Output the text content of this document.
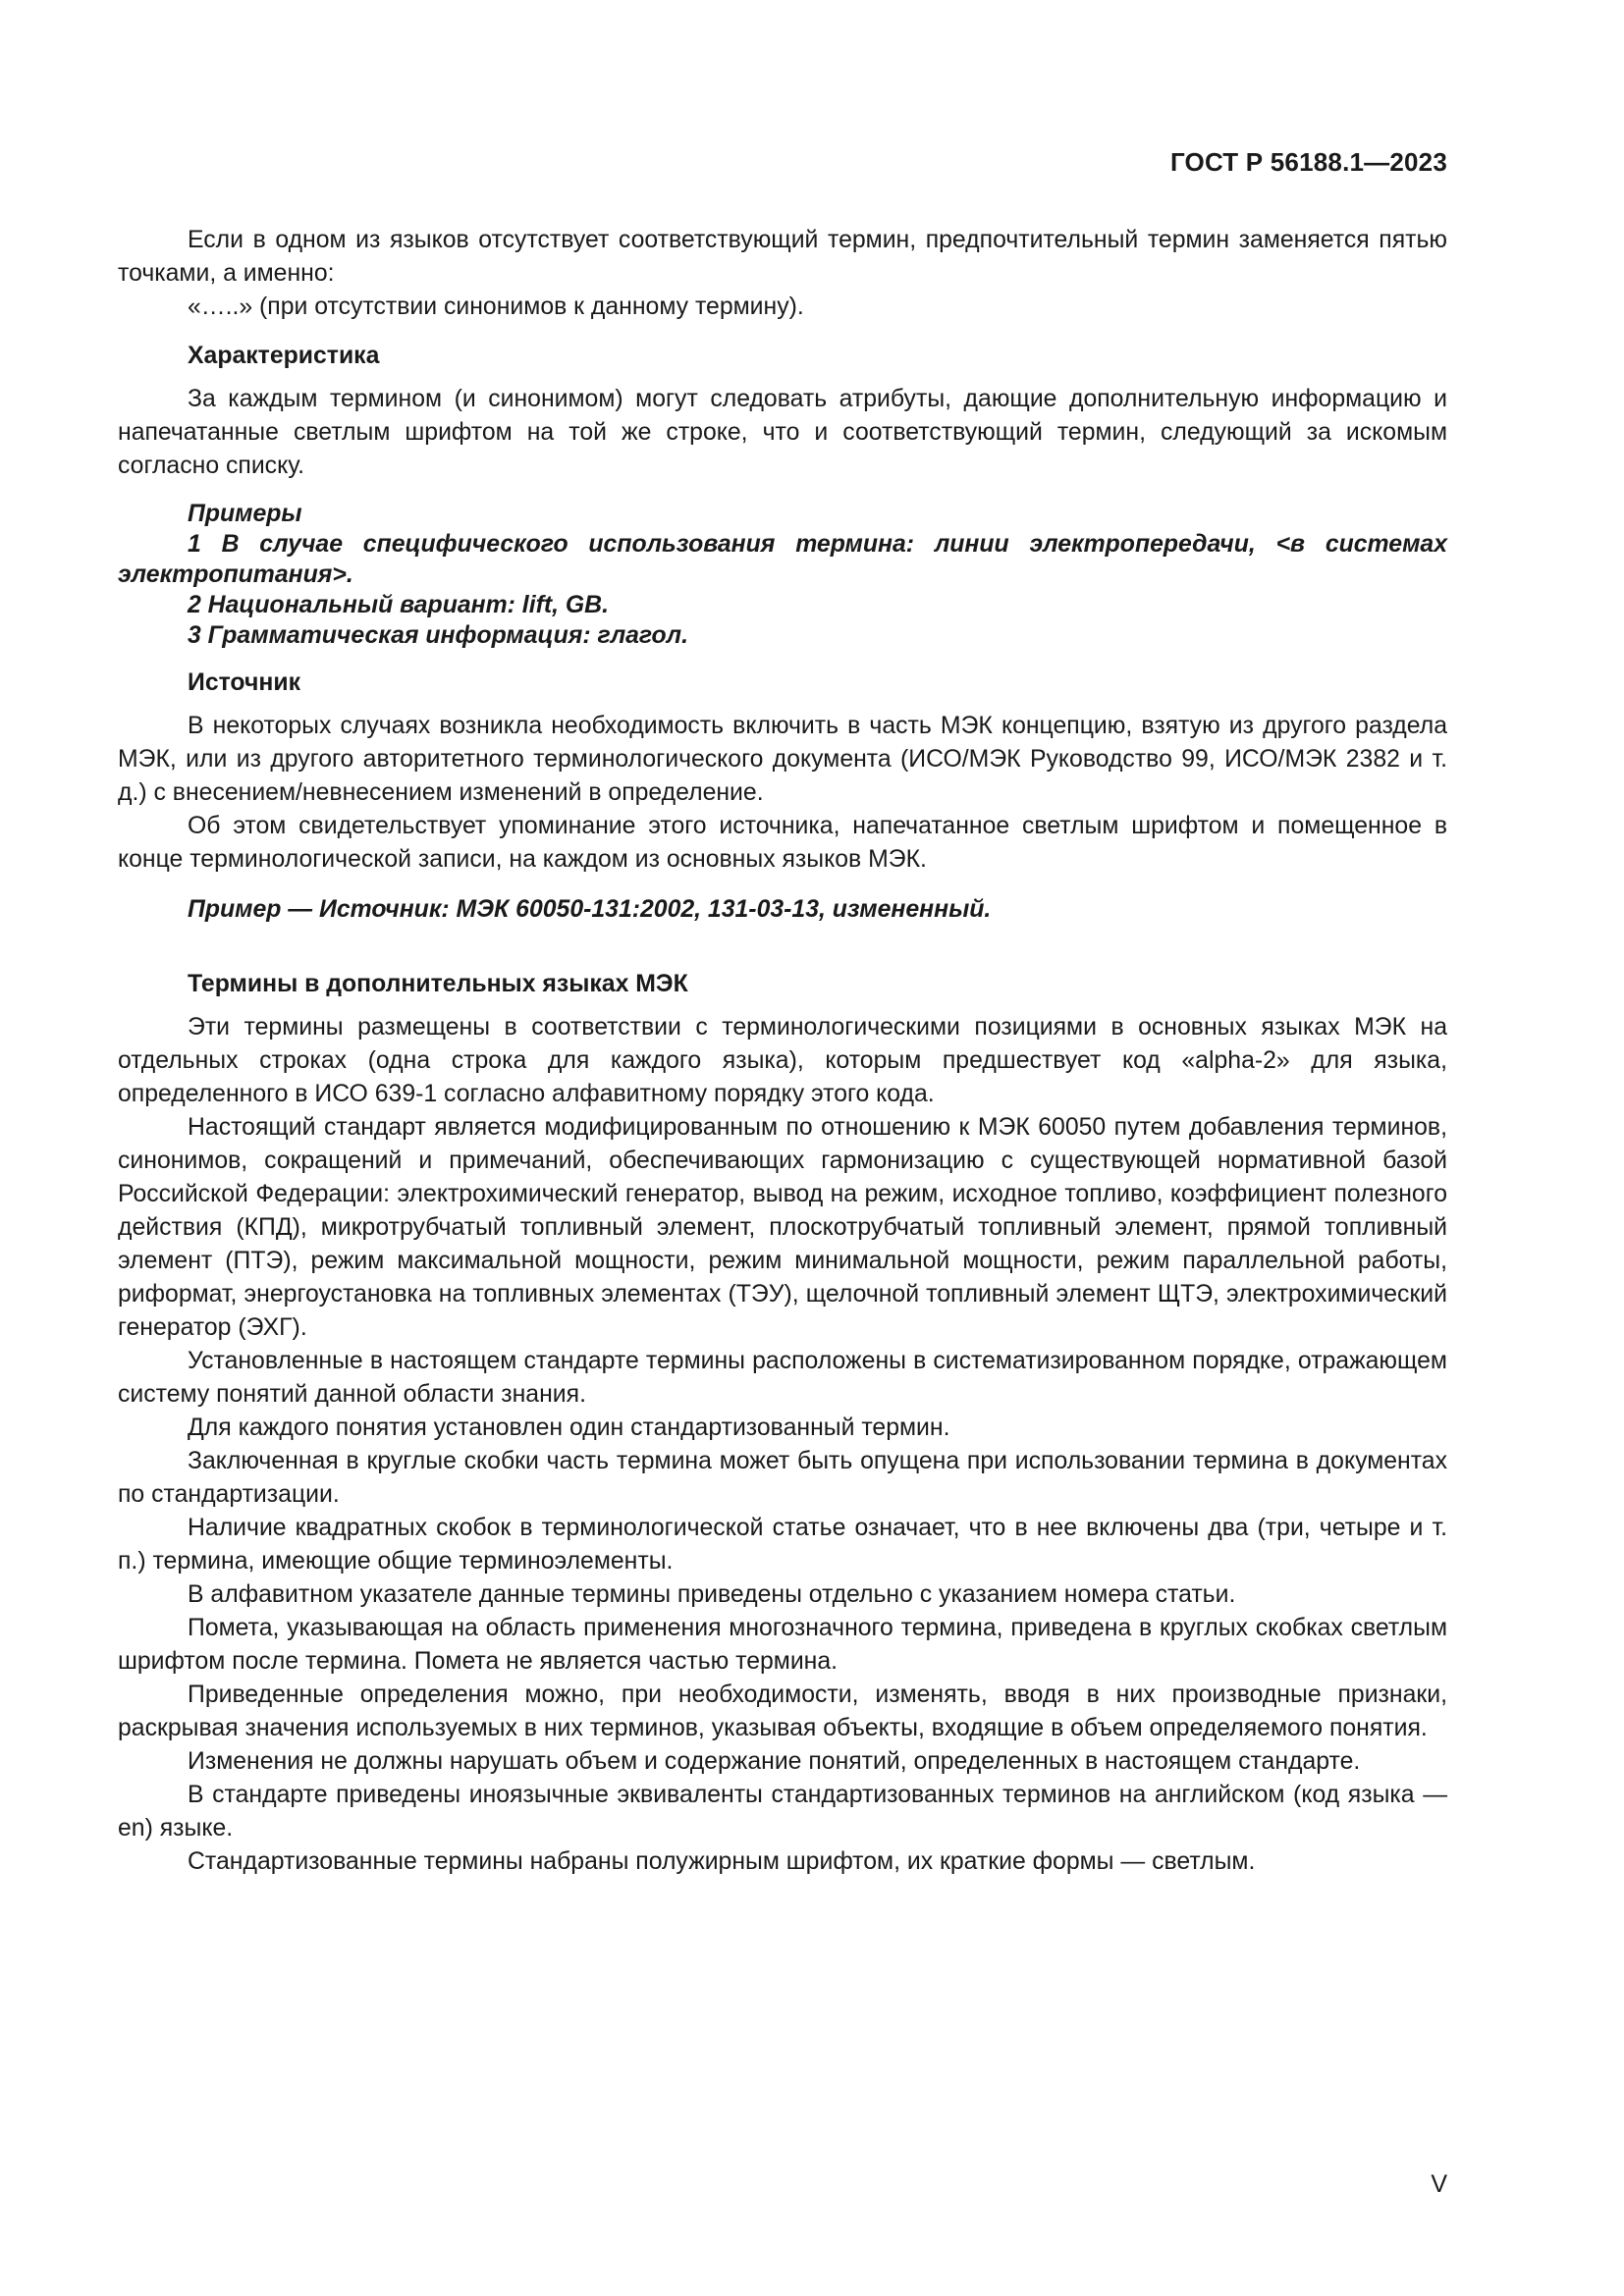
ГОСТ Р 56188.1—2023

Если в одном из языков отсутствует соответствующий термин, предпочтительный термин заменяется пятью точками, а именно:

«…..» (при отсутствии синонимов к данному термину).

Характеристика

За каждым термином (и синонимом) могут следовать атрибуты, дающие дополнительную информацию и напечатанные светлым шрифтом на той же строке, что и соответствующий термин, следующий за искомым согласно списку.

Примеры

1 В случае специфического использования термина: линии электропередачи, <в системах электропитания>.

2 Национальный вариант: lift, GB.

3 Грамматическая информация: глагол.

Источник

В некоторых случаях возникла необходимость включить в часть МЭК концепцию, взятую из другого раздела МЭК, или из другого авторитетного терминологического документа (ИСО/МЭК Руководство 99, ИСО/МЭК 2382 и т. д.) с внесением/невнесением изменений в определение.

Об этом свидетельствует упоминание этого источника, напечатанное светлым шрифтом и помещенное в конце терминологической записи, на каждом из основных языков МЭК.

Пример — Источник: МЭК 60050-131:2002, 131-03-13, измененный.

Термины в дополнительных языках МЭК

Эти термины размещены в соответствии с терминологическими позициями в основных языках МЭК на отдельных строках (одна строка для каждого языка), которым предшествует код «alpha-2» для языка, определенного в ИСО 639-1 согласно алфавитному порядку этого кода.

Настоящий стандарт является модифицированным по отношению к МЭК 60050 путем добавления терминов, синонимов, сокращений и примечаний, обеспечивающих гармонизацию с существующей нормативной базой Российской Федерации: электрохимический генератор, вывод на режим, исходное топливо, коэффициент полезного действия (КПД), микротрубчатый топливный элемент, плоскотрубчатый топливный элемент, прямой топливный элемент (ПТЭ), режим максимальной мощности, режим минимальной мощности, режим параллельной работы, риформат, энергоустановка на топливных элементах (ТЭУ), щелочной топливный элемент ЩТЭ, электрохимический генератор (ЭХГ).

Установленные в настоящем стандарте термины расположены в систематизированном порядке, отражающем систему понятий данной области знания.

Для каждого понятия установлен один стандартизованный термин.

Заключенная в круглые скобки часть термина может быть опущена при использовании термина в документах по стандартизации.

Наличие квадратных скобок в терминологической статье означает, что в нее включены два (три, четыре и т. п.) термина, имеющие общие терминоэлементы.

В алфавитном указателе данные термины приведены отдельно с указанием номера статьи.

Помета, указывающая на область применения многозначного термина, приведена в круглых скобках светлым шрифтом после термина. Помета не является частью термина.

Приведенные определения можно, при необходимости, изменять, вводя в них производные признаки, раскрывая значения используемых в них терминов, указывая объекты, входящие в объем определяемого понятия.

Изменения не должны нарушать объем и содержание понятий, определенных в настоящем стандарте.

В стандарте приведены иноязычные эквиваленты стандартизованных терминов на английском (код языка — en) языке.

Стандартизованные термины набраны полужирным шрифтом, их краткие формы — светлым.

V
